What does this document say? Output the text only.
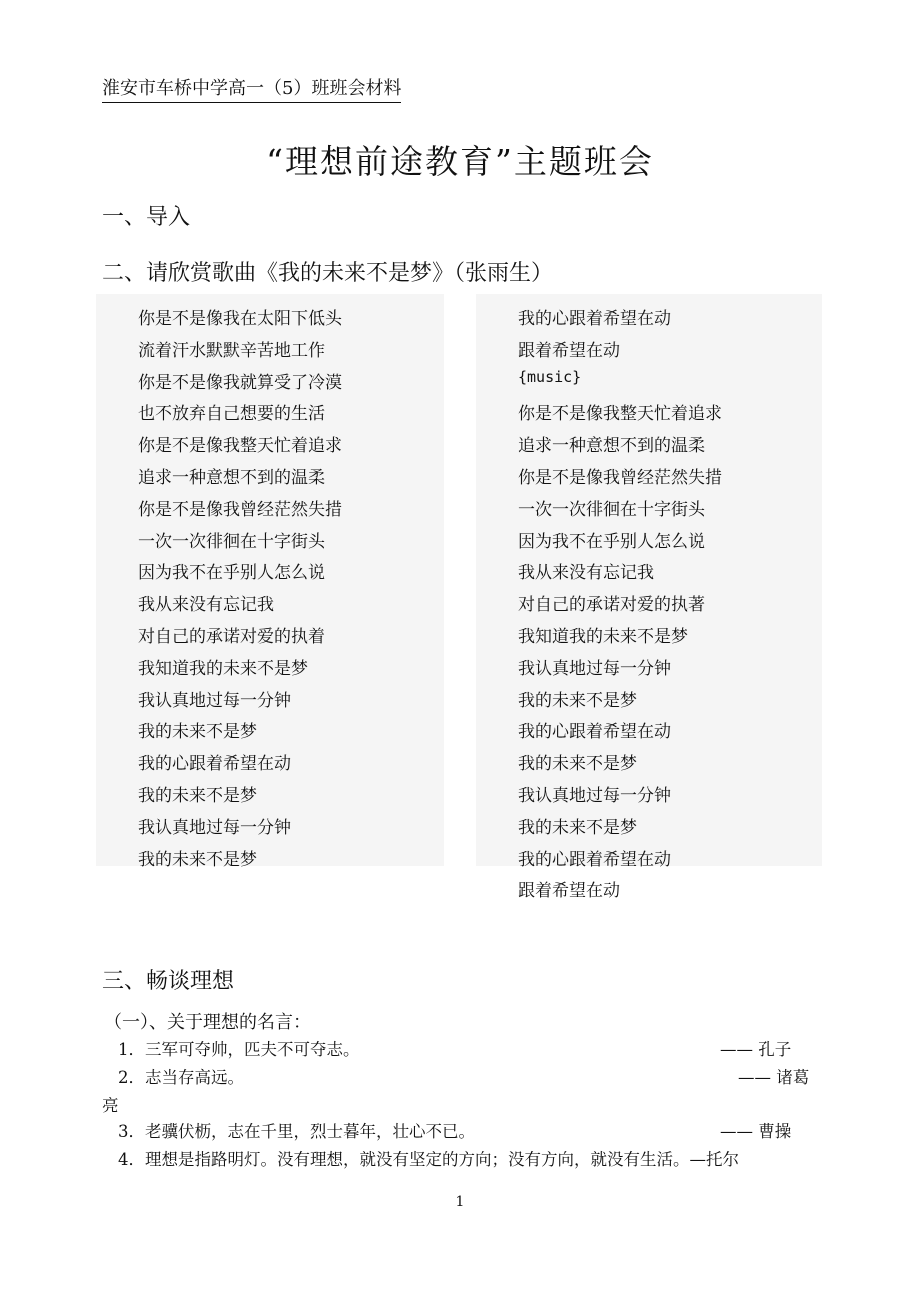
淮安市车桥中学高一（5）班班会材料
“理想前途教育”主题班会
一、导入
二、请欣赏歌曲《我的未来不是梦》（张雨生）
你是不是像我在太阳下低头
流着汗水默默辛苦地工作
你是不是像我就算受了冷漠
也不放弃自己想要的生活
你是不是像我整天忙着追求
追求一种意想不到的温柔
你是不是像我曾经茫然失措
一次一次徘徊在十字街头
因为我不在乎别人怎么说
我从来没有忘记我
对自己的承诺对爱的执着
我知道我的未来不是梦
我认真地过每一分钟
我的未来不是梦
我的心跟着希望在动
我的未来不是梦
我认真地过每一分钟
我的未来不是梦
我的心跟着希望在动
跟着希望在动
{music}
你是不是像我整天忙着追求
追求一种意想不到的温柔
你是不是像我曾经茫然失措
一次一次徘徊在十字街头
因为我不在乎别人怎么说
我从来没有忘记我
对自己的承诺对爱的执著
我知道我的未来不是梦
我认真地过每一分钟
我的未来不是梦
我的心跟着希望在动
我的未来不是梦
我认真地过每一分钟
我的未来不是梦
我的心跟着希望在动
跟着希望在动
三、畅谈理想
（一）、关于理想的名言：
1．三军可夺帅，匹夫不可夺志。	—— 孔子
2．志当存高远。	—— 诸葛
亮
3．老骥伏枥，志在千里，烈士暮年，壮心不已。	—— 曹操
4．理想是指路明灯。没有理想，就没有坚定的方向；没有方向，就没有生活。—托尔
1
